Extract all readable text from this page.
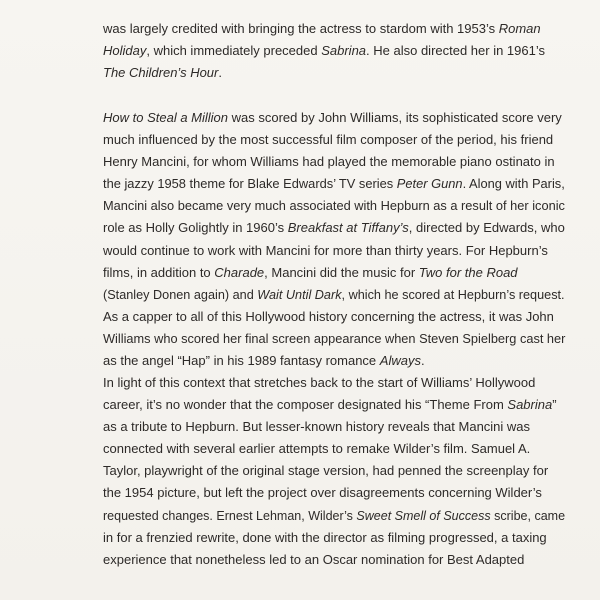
was largely credited with bringing the actress to stardom with 1953’s Roman
Holiday, which immediately preceded Sabrina. He also directed her in 1961’s
The Children’s Hour.
How to Steal a Million was scored by John Williams, its sophisticated score very
much influenced by the most successful film composer of the period, his friend
Henry Mancini, for whom Williams had played the memorable piano ostinato in
the jazzy 1958 theme for Blake Edwards’ TV series Peter Gunn. Along with Paris,
Mancini also became very much associated with Hepburn as a result of her iconic
role as Holly Golightly in 1960’s Breakfast at Tiffany’s, directed by Edwards, who
would continue to work with Mancini for more than thirty years. For Hepburn’s
films, in addition to Charade, Mancini did the music for Two for the Road
(Stanley Donen again) and Wait Until Dark, which he scored at Hepburn’s request.
As a capper to all of this Hollywood history concerning the actress, it was John
Williams who scored her final screen appearance when Steven Spielberg cast her
as the angel “Hap” in his 1989 fantasy romance Always.
In light of this context that stretches back to the start of Williams’ Hollywood
career, it’s no wonder that the composer designated his “Theme From Sabrina”
as a tribute to Hepburn. But lesser-known history reveals that Mancini was
connected with several earlier attempts to remake Wilder’s film. Samuel A.
Taylor, playwright of the original stage version, had penned the screenplay for
the 1954 picture, but left the project over disagreements concerning Wilder’s
requested changes. Ernest Lehman, Wilder’s Sweet Smell of Success scribe, came
in for a frenzied rewrite, done with the director as filming progressed, a taxing
experience that nonetheless led to an Oscar nomination for Best Adapted
